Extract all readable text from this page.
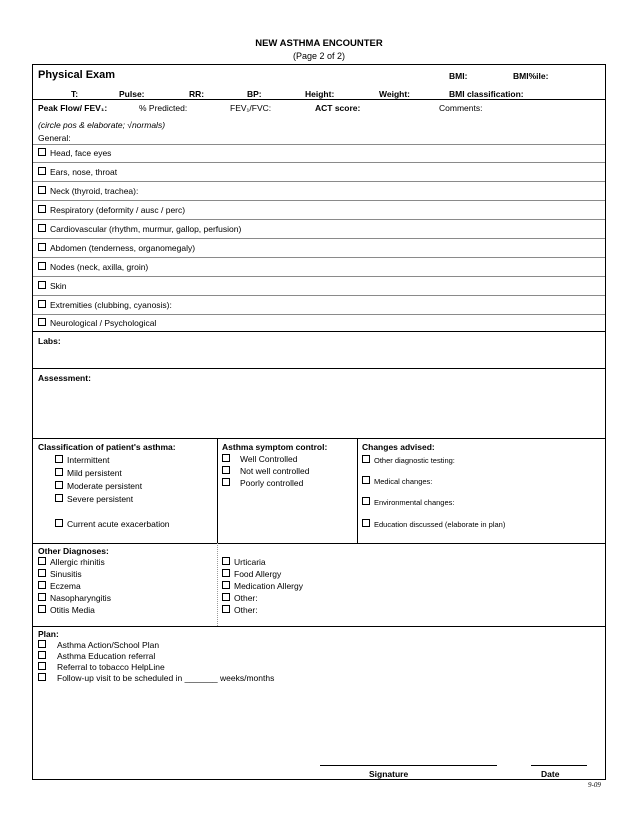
NEW ASTHMA ENCOUNTER
(Page 2 of 2)
Physical Exam	BMI:	BMI%ile:
T:	Pulse:	RR:	BP:	Height:	Weight:	BMI classification:
Peak Flow/ FEV₁:	% Predicted:	FEV₁/FVC:	ACT score:	Comments:
(circle pos & elaborate; √normals)
General:
Head, face eyes
Ears, nose, throat
Neck (thyroid, trachea):
Respiratory (deformity / ausc / perc)
Cardiovascular (rhythm, murmur, gallop, perfusion)
Abdomen (tenderness, organomegaly)
Nodes (neck, axilla, groin)
Skin
Extremities (clubbing, cyanosis):
Neurological / Psychological
Labs:
Assessment:
Classification of patient's asthma:
Intermittent
Mild persistent
Moderate persistent
Severe persistent
Current acute exacerbation
Asthma symptom control:
Well Controlled
Not well controlled
Poorly controlled
Changes advised:
Other diagnostic testing:
Medical changes:
Environmental changes:
Education discussed (elaborate in plan)
Other Diagnoses:
Allergic rhinitis
Sinusitis
Eczema
Nasopharyngitis
Otitis Media
Urticaria
Food Allergy
Medication Allergy
Other:
Other:
Plan:
Asthma Action/School Plan
Asthma Education referral
Referral to tobacco HelpLine
Follow-up visit to be scheduled in _______ weeks/months
Signature	Date
9-09
